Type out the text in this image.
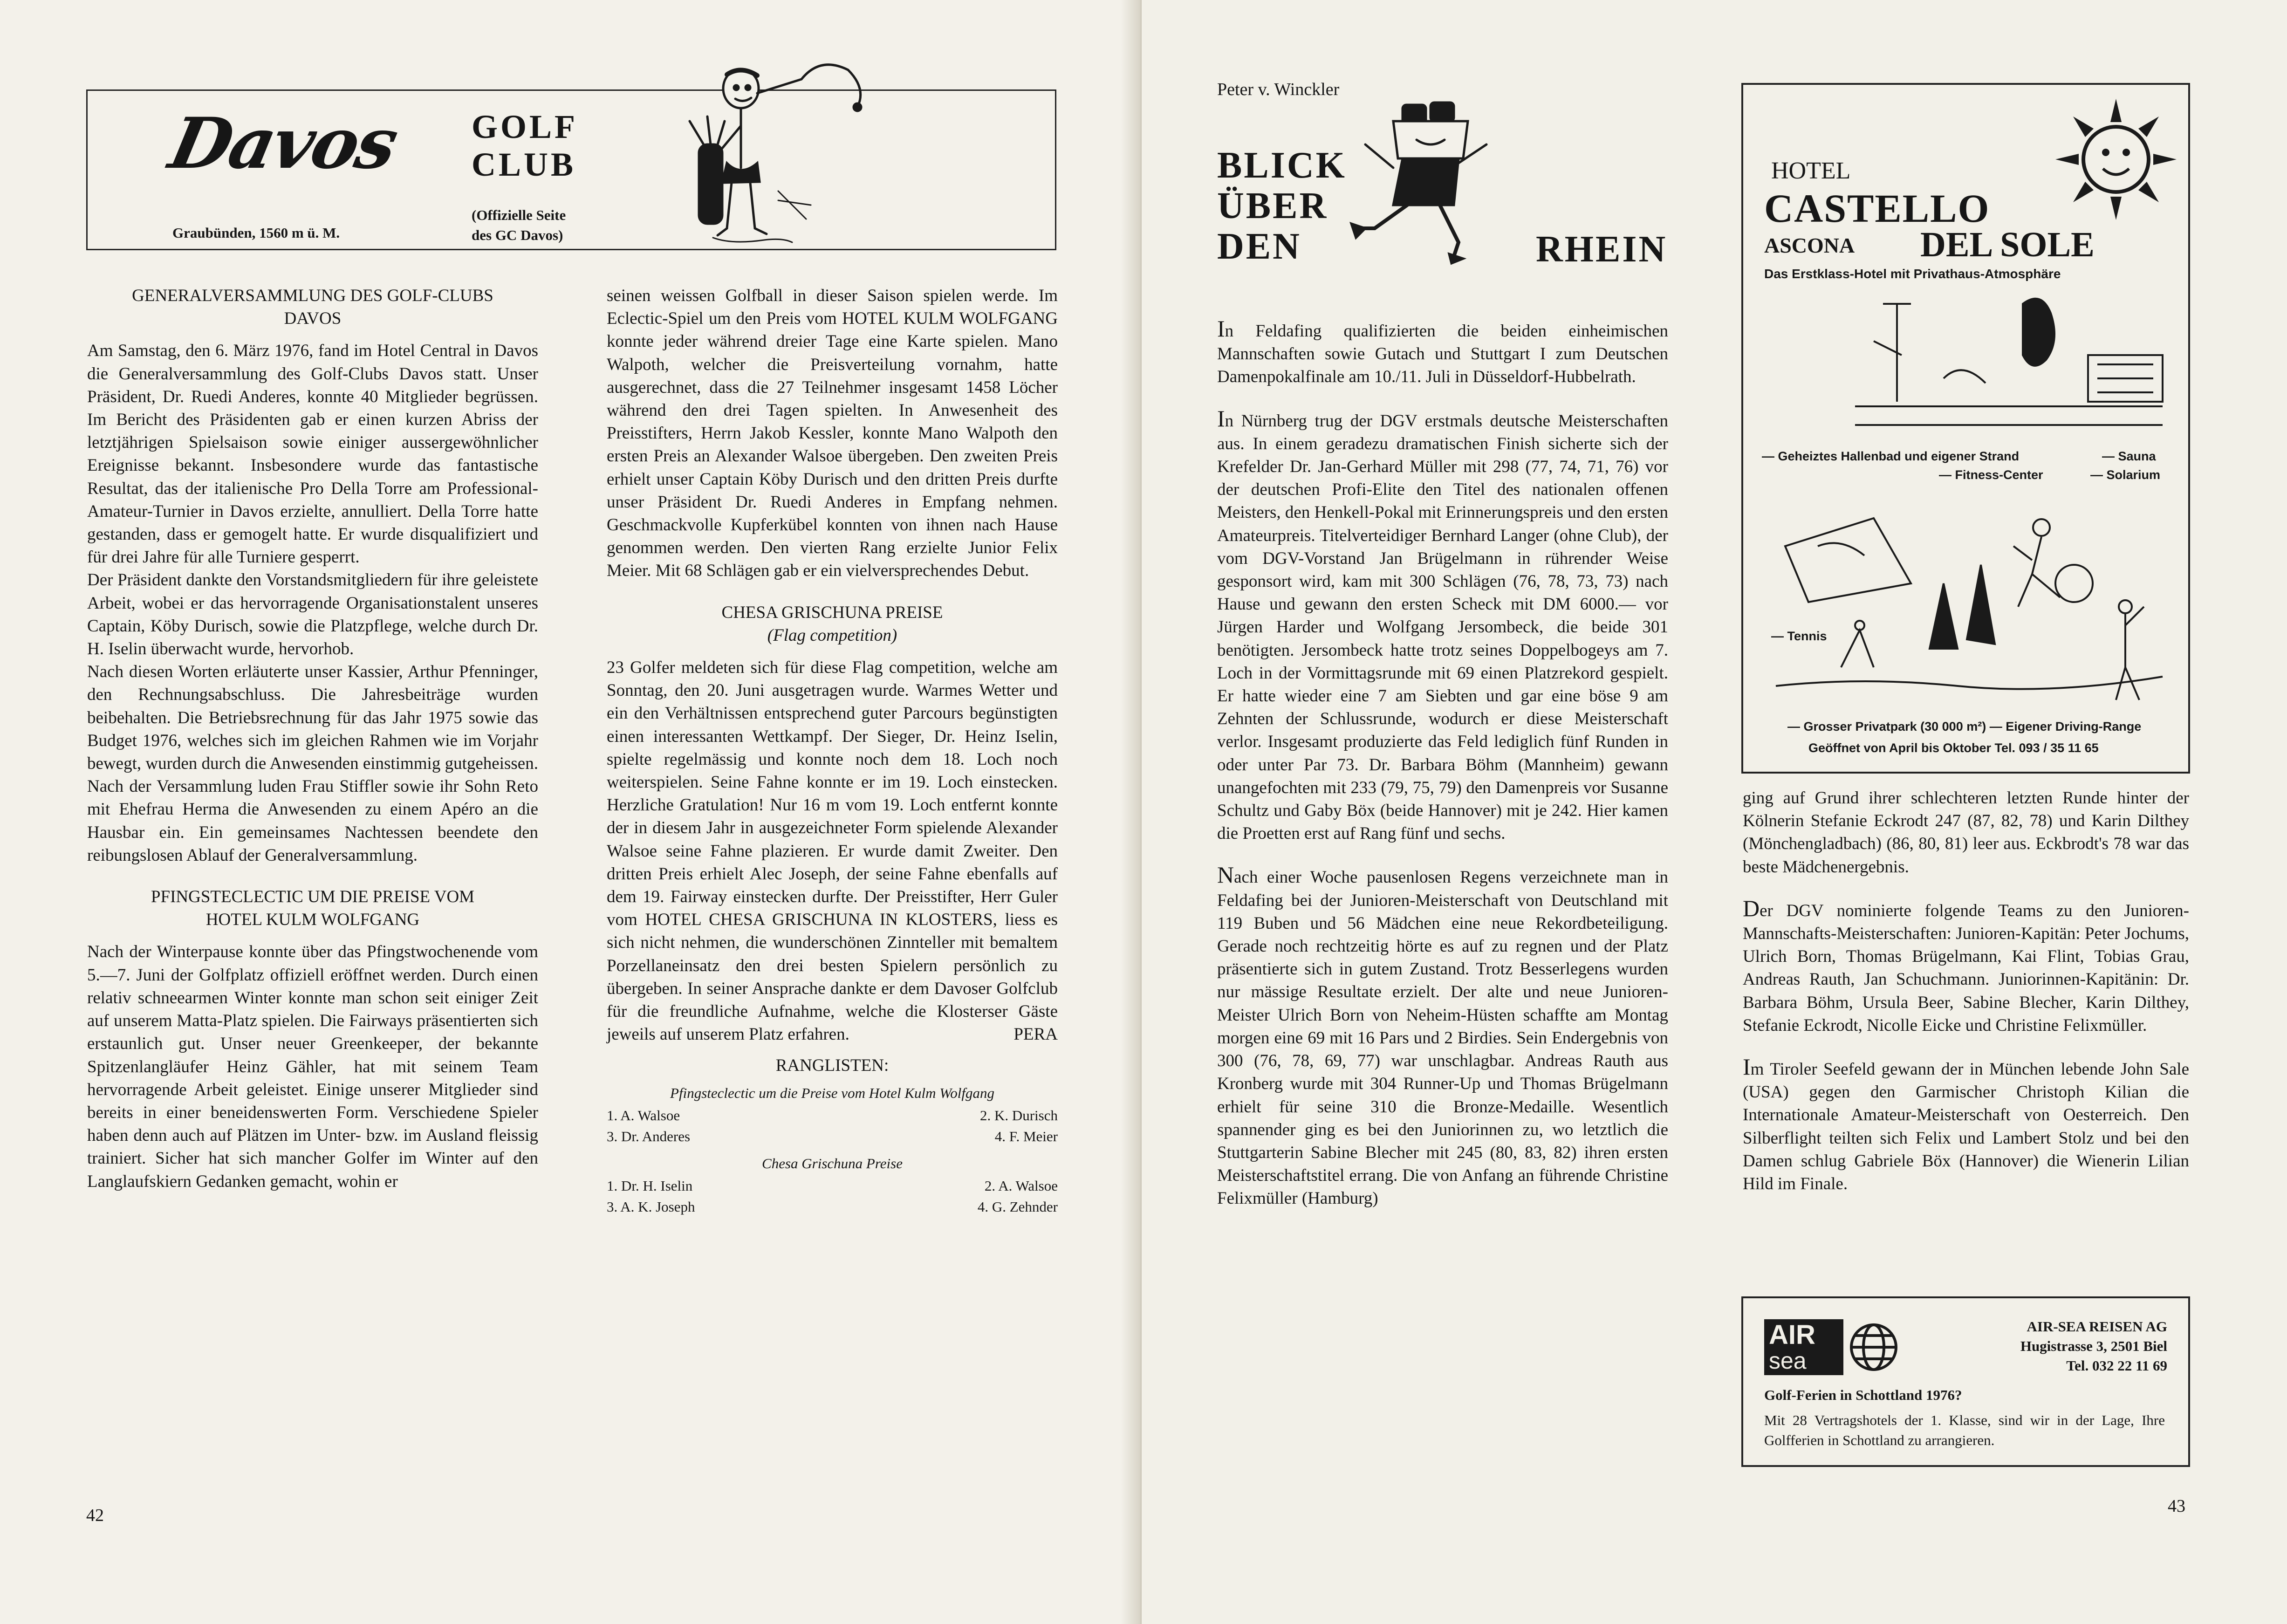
Davos GOLF
CLUB
Graubünden, 1560 m ü. M.
(Offizielle Seite
des GC Davos)
GENERALVERSAMMLUNG DES GOLF-CLUBS
DAVOS

Am Samstag, den 6. März 1976, fand im Hotel Central in Davos die Generalversammlung des Golf-Clubs Davos statt. Unser Präsident, Dr. Ruedi Anderes, konnte 40 Mitglieder begrüssen. Im Bericht des Präsidenten gab er einen kurzen Abriss der letztjährigen Spielsaison sowie einiger aussergewöhnlicher Ereignisse bekannt. Insbesondere wurde das fantastische Resultat, das der italienische Pro Della Torre am Professional-Amateur-Turnier in Davos erzielte, annulliert. Della Torre hatte gestanden, dass er gemogelt hatte. Er wurde disqualifiziert und für drei Jahre für alle Turniere gesperrt.

Der Präsident dankte den Vorstandsmitgliedern für ihre geleistete Arbeit, wobei er das hervorragende Organisationstalent unseres Captain, Köby Durisch, sowie die Platzpflege, welche durch Dr. H. Iselin überwacht wurde, hervorhob.

Nach diesen Worten erläuterte unser Kassier, Arthur Pfenninger, den Rechnungsabschluss. Die Jahresbeiträge wurden beibehalten. Die Betriebsrechnung für das Jahr 1975 sowie das Budget 1976, welches sich im gleichen Rahmen wie im Vorjahr bewegt, wurden durch die Anwesenden einstimmig gutgeheissen.

Nach der Versammlung luden Frau Stiffler sowie ihr Sohn Reto mit Ehefrau Herma die Anwesenden zu einem Apéro an die Hausbar ein. Ein gemeinsames Nachtessen beendete den reibungslosen Ablauf der Generalversammlung.

PFINGSTECLECTIC UM DIE PREISE VOM
HOTEL KULM WOLFGANG

Nach der Winterpause konnte über das Pfingstwochenende vom 5.—7. Juni der Golfplatz offiziell eröffnet werden. Durch einen relativ schneearmen Winter konnte man schon seit einiger Zeit auf unserem Matta-Platz spielen. Die Fairways präsentierten sich erstaunlich gut. Unser neuer Greenkeeper, der bekannte Spitzenlangläufer Heinz Gähler, hat mit seinem Team hervorragende Arbeit geleistet. Einige unserer Mitglieder sind bereits in einer beneidenswerten Form. Verschiedene Spieler haben denn auch auf Plätzen im Unter- bzw. im Ausland fleissig trainiert. Sicher hat sich mancher Golfer im Winter auf den Langlaufskiern Gedanken gemacht, wohin er

seinen weissen Golfball in dieser Saison spielen werde. Im Eclectic-Spiel um den Preis vom HOTEL KULM WOLFGANG konnte jeder während dreier Tage eine Karte spielen. Mano Walpoth, welcher die Preisverteilung vornahm, hatte ausgerechnet, dass die 27 Teilnehmer insgesamt 1458 Löcher während den drei Tagen spielten. In Anwesenheit des Preisstifters, Herrn Jakob Kessler, konnte Mano Walpoth den ersten Preis an Alexander Walsoe übergeben. Den zweiten Preis erhielt unser Captain Köby Durisch und den dritten Preis durfte unser Präsident Dr. Ruedi Anderes in Empfang nehmen. Geschmackvolle Kupferkübel konnten von ihnen nach Hause genommen werden. Den vierten Rang erzielte Junior Felix Meier. Mit 68 Schlägen gab er ein vielversprechendes Debut.

CHESA GRISCHUNA PREISE
(Flag competition)

23 Golfer meldeten sich für diese Flag competition, welche am Sonntag, den 20. Juni ausgetragen wurde. Warmes Wetter und ein den Verhältnissen entsprechend guter Parcours begünstigten einen interessanten Wettkampf. Der Sieger, Dr. Heinz Iselin, spielte regelmässig und konnte noch dem 18. Loch noch weiterspielen. Seine Fahne konnte er im 19. Loch einstecken. Herzliche Gratulation! Nur 16 m vom 19. Loch entfernt konnte der in diesem Jahr in ausgezeichneter Form spielende Alexander Walsoe seine Fahne plazieren. Er wurde damit Zweiter. Den dritten Preis erhielt Alec Joseph, der seine Fahne ebenfalls auf dem 19. Fairway einstecken durfte. Der Preisstifter, Herr Guler vom HOTEL CHESA GRISCHUNA IN KLOSTERS, liess es sich nicht nehmen, die wunderschönen Zinnteller mit bemaltem Porzellaneinsatz den drei besten Spielern persönlich zu übergeben. In seiner Ansprache dankte er dem Davoser Golfclub für die freundliche Aufnahme, welche die Klosterser Gäste jeweils auf unserem Platz erfahren.	PERA
RANGLISTEN:
Pfingsteclectic um die Preise vom Hotel Kulm Wolfgang
1. A. Walsoe	2. K. Durisch
3. Dr. Anderes	4. F. Meier
Chesa Grischuna Preise
1. Dr. H. Iselin	2. A. Walsoe
3. A. K. Joseph	4. G. Zehnder
42
Peter v. Winckler
BLICK
ÜBER
DEN	RHEIN

In Feldafing qualifizierten die beiden einheimischen Mannschaften sowie Gutach und Stuttgart I zum Deutschen Damenpokalfinale am 10./11. Juli in Düsseldorf-Hubbelrath.

In Nürnberg trug der DGV erstmals deutsche Meisterschaften aus. In einem geradezu dramatischen Finish sicherte sich der Krefelder Dr. Jan-Gerhard Müller mit 298 (77, 74, 71, 76) vor der deutschen Profi-Elite den Titel des nationalen offenen Meisters, den Henkell-Pokal mit Erinnerungspreis und den ersten Amateurpreis. Titelverteidiger Bernhard Langer (ohne Club), der vom DGV-Vorstand Jan Brügelmann in rührender Weise gesponsort wird, kam mit 300 Schlägen (76, 78, 73, 73) nach Hause und gewann den ersten Scheck mit DM 6000.— vor Jürgen Harder und Wolfgang Jersombeck, die beide 301 benötigten. Jersombeck hatte trotz seines Doppelbogeys am 7. Loch in der Vormittagsrunde mit 69 einen Platzrekord gespielt. Er hatte wieder eine 7 am Siebten und gar eine böse 9 am Zehnten der Schlussrunde, wodurch er diese Meisterschaft verlor. Insgesamt produzierte das Feld lediglich fünf Runden in oder unter Par 73. Dr. Barbara Böhm (Mannheim) gewann unangefochten mit 233 (79, 75, 79) den Damenpreis vor Susanne Schultz und Gaby Böx (beide Hannover) mit je 242. Hier kamen die Proetten erst auf Rang fünf und sechs.

Nach einer Woche pausenlosen Regens verzeichnete man in Feldafing bei der Junioren-Meisterschaft von Deutschland mit 119 Buben und 56 Mädchen eine neue Rekordbeteiligung. Gerade noch rechtzeitig hörte es auf zu regnen und der Platz präsentierte sich in gutem Zustand. Trotz Besserlegens wurden nur mässige Resultate erzielt. Der alte und neue Junioren-Meister Ulrich Born von Neheim-Hüsten schaffte am Montag morgen eine 69 mit 16 Pars und 2 Birdies. Sein Endergebnis von 300 (76, 78, 69, 77) war unschlagbar. Andreas Rauth aus Kronberg wurde mit 304 Runner-Up und Thomas Brügelmann erhielt für seine 310 die Bronze-Medaille. Wesentlich spannender ging es bei den Juniorinnen zu, wo letztlich die Stuttgarterin Sabine Blecher mit 245 (80, 83, 82) ihren ersten Meisterschaftstitel errang. Die von Anfang an führende Christine Felixmüller (Hamburg)

HOTEL
CASTELLO
ASCONA DEL SOLE
Das Erstklass-Hotel mit Privathaus-Atmosphäre
— Geheiztes Hallenbad und eigener Strand	— Sauna
— Fitness-Center	— Solarium
— Tennis
— Grosser Privatpark (30 000 m²) — Eigener Driving-Range
Geöffnet von April bis Oktober Tel. 093 / 35 11 65

ging auf Grund ihrer schlechteren letzten Runde hinter der Kölnerin Stefanie Eckrodt 247 (87, 82, 78) und Karin Dilthey (Mönchengladbach) (86, 80, 81) leer aus. Eckbrodt's 78 war das beste Mädchenergebnis.

Der DGV nominierte folgende Teams zu den Junioren-Mannschafts-Meisterschaften: Junioren-Kapitän: Peter Jochums, Ulrich Born, Thomas Brügelmann, Kai Flint, Tobias Grau, Andreas Rauth, Jan Schuchmann. Juniorinnen-Kapitänin: Dr. Barbara Böhm, Ursula Beer, Sabine Blecher, Karin Dilthey, Stefanie Eckrodt, Nicolle Eicke und Christine Felixmüller.

Im Tiroler Seefeld gewann der in München lebende John Sale (USA) gegen den Garmischer Christoph Kilian die Internationale Amateur-Meisterschaft von Oesterreich. Den Silberflight teilten sich Felix und Lambert Stolz und bei den Damen schlug Gabriele Böx (Hannover) die Wienerin Lilian Hild im Finale.

AIR
sea
AIR-SEA REISEN AG
Hugistrasse 3, 2501 Biel
Tel. 032 22 11 69
Golf-Ferien in Schottland 1976?
Mit 28 Vertragshotels der 1. Klasse, sind wir in der Lage, Ihre Golfferien in Schottland zu arrangieren.
43
